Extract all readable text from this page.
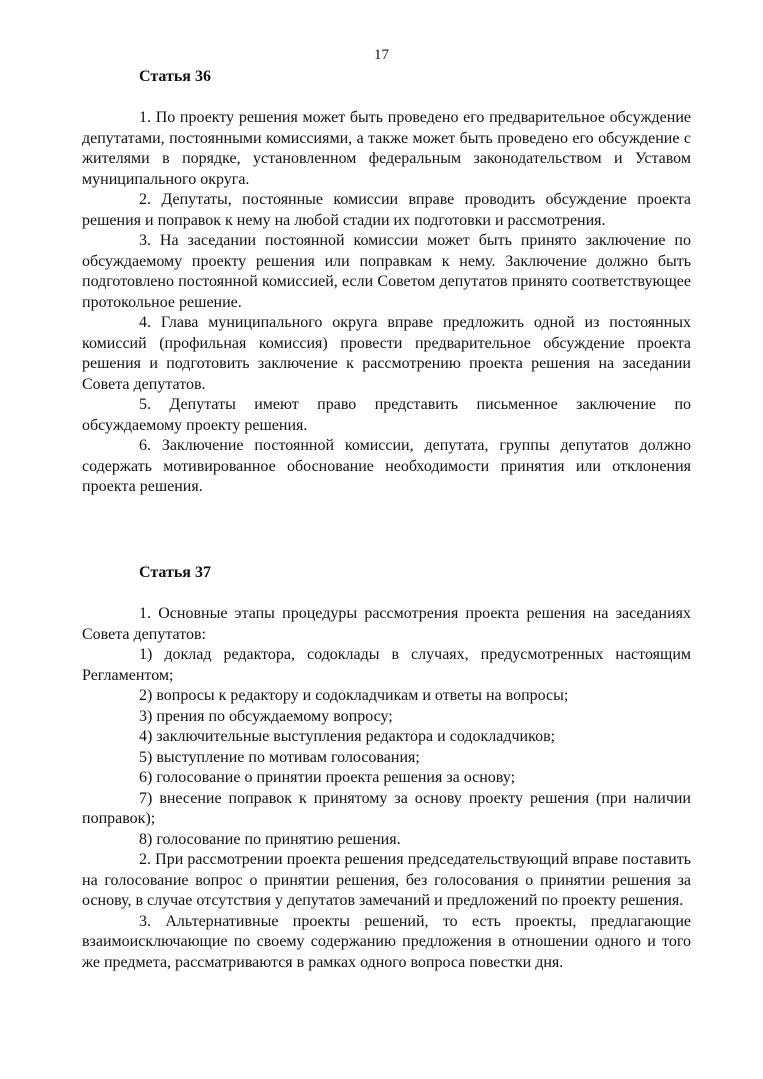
17
Статья 36

1. По проекту решения может быть проведено его предварительное обсуждение депутатами, постоянными комиссиями, а также может быть проведено его обсуждение с жителями в порядке, установленном федеральным законодательством и Уставом муниципального округа.

2. Депутаты, постоянные комиссии вправе проводить обсуждение проекта решения и поправок к нему на любой стадии их подготовки и рассмотрения.

3. На заседании постоянной комиссии может быть принято заключение по обсуждаемому проекту решения или поправкам к нему. Заключение должно быть подготовлено постоянной комиссией, если Советом депутатов принято соответствующее протокольное решение.

4. Глава муниципального округа вправе предложить одной из постоянных комиссий (профильная комиссия) провести предварительное обсуждение проекта решения и подготовить заключение к рассмотрению проекта решения на заседании Совета депутатов.

5. Депутаты имеют право представить письменное заключение по обсуждаемому проекту решения.

6. Заключение постоянной комиссии, депутата, группы депутатов должно содержать мотивированное обоснование необходимости принятия или отклонения проекта решения.

Статья 37

1. Основные этапы процедуры рассмотрения проекта решения на заседаниях Совета депутатов:

1) доклад редактора, содоклады в случаях, предусмотренных настоящим Регламентом;

2) вопросы к редактору и содокладчикам и ответы на вопросы;

3) прения по обсуждаемому вопросу;

4) заключительные выступления редактора и содокладчиков;

5) выступление по мотивам голосования;

6) голосование о принятии проекта решения за основу;

7) внесение поправок к принятому за основу проекту решения (при наличии поправок);

8) голосование по принятию решения.

2. При рассмотрении проекта решения председательствующий вправе поставить на голосование вопрос о принятии решения, без голосования о принятии решения за основу, в случае отсутствия у депутатов замечаний и предложений по проекту решения.

3. Альтернативные проекты решений, то есть проекты, предлагающие взаимоисключающие по своему содержанию предложения в отношении одного и того же предмета, рассматриваются в рамках одного вопроса повестки дня.
